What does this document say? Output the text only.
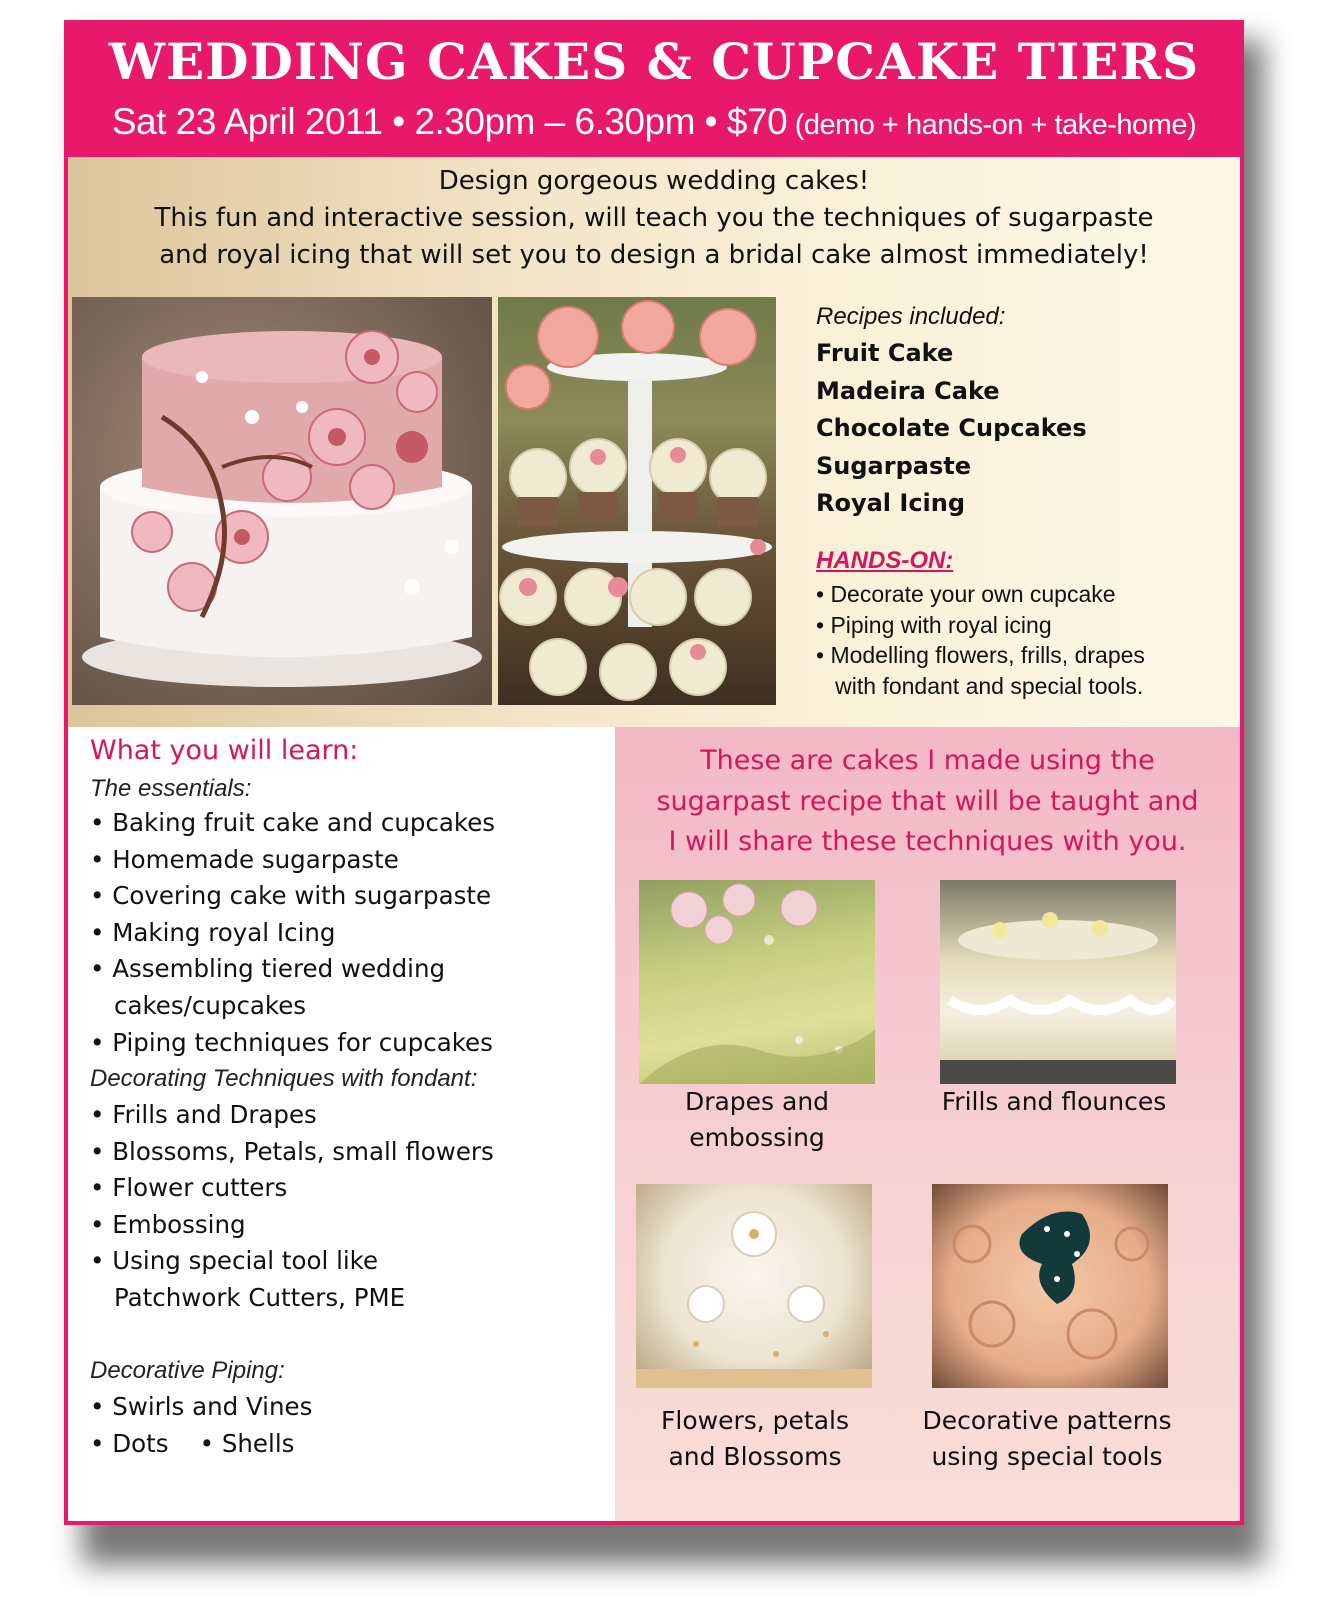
WEDDING CAKES & CUPCAKE TIERS
Sat 23 April 2011 • 2.30pm – 6.30pm • $70 (demo + hands-on + take-home)
Design gorgeous wedding cakes!
This fun and interactive session, will teach you the techniques of sugarpaste
and royal icing that will set you to design a bridal cake almost immediately!
Recipes included:
Fruit Cake
Madeira Cake
Chocolate Cupcakes
Sugarpaste
Royal Icing
HANDS-ON:
• Decorate your own cupcake
• Piping with royal icing
• Modelling flowers, frills, drapes
with fondant and special tools.
What you will learn:
The essentials:
• Baking fruit cake and cupcakes
• Homemade sugarpaste
• Covering cake with sugarpaste
• Making royal Icing
• Assembling tiered wedding cakes/cupcakes
• Piping techniques for cupcakes
Decorating Techniques with fondant:
• Frills and Drapes
• Blossoms, Petals, small flowers
• Flower cutters
• Embossing
• Using special tool like Patchwork Cutters, PME
Decorative Piping:
• Swirls and Vines
• Dots    • Shells
These are cakes I made using the
sugarpast recipe that will be taught and
I will share these techniques with you.
Drapes and
embossing
Frills and flounces
Flowers, petals
and Blossoms
Decorative patterns
using special tools
